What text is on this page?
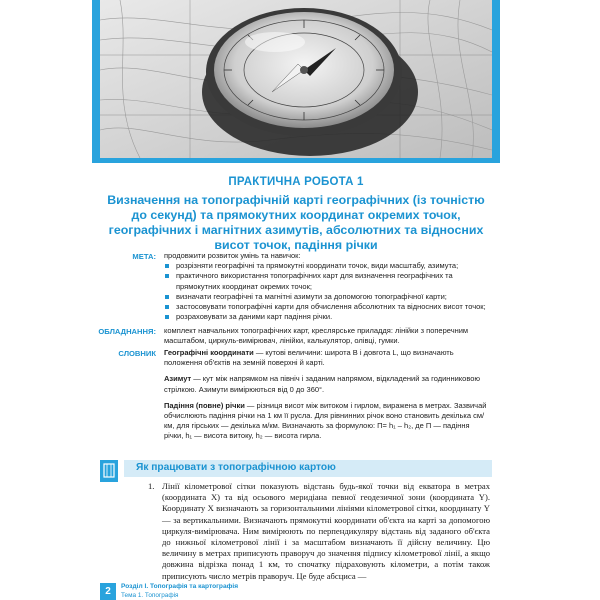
ПРАКТИЧНА РОБОТА 1
Визначення на топографічній карті географічних (із точністю до секунд) та прямокутних координат окремих точок, географічних і магнітних азимутів, абсолютних та відносних висот точок, падіння річки
МЕТА: продовжити розвиток умінь та навичок:
розрізняти географічні та прямокутні координати точок, види масштабу, азимута;
практичного використання топографічних карт для визначення географічних та прямокутних координат окремих точок;
визначати географічні та магнітні азимути за допомогою топографічної карти;
застосовувати топографічні карти для обчислення абсолютних та відносних висот точок;
розраховувати за даними карт падіння річки.
ОБЛАДНАННЯ: комплект навчальних топографічних карт, креслярське приладдя: лінійки з поперечним масштабом, циркуль-вимірювач, лінійки, калькулятор, олівці, гумки.
СЛОВНИК Географічні координати — кутові величини: широта B і довгота L, що визначають положення об'єктів на земній поверхні й карті.

Азимут — кут між напрямком на північ і заданим напрямом, відкладений за годинниковою стрілкою. Азимути вимірюються від 0 до 360°.

Падіння (повне) річки — різниця висот між витоком і гирлом, виражена в метрах. Зазвичай обчислюють падіння річки на 1 км її русла. Для рівнинних річок воно становить декілька см/км, для гірських — декілька м/км. Визначають за формулою: П= h₁ – h₂, де П — падіння річки, h₁ — висота витоку, h₂ — висота гирла.

Як працювати з топографічною картою
1. Лінії кілометрової сітки показують відстань будь-якої точки від екватора в метрах (координата X) та від осьового меридіана певної геодезичної зони (координата Y). Координату X визначають за горизонтальними лініями кілометрової сітки, координату Y — за вертикальними. Визначають прямокутні координати об'єкта на карті за допомогою циркуля-вимірювача. Ним вимірюють по перпендикуляру відстань від заданого об'єкта до нижньої кілометрової лінії і за масштабом визначають її дійсну величину. Цю величину в метрах приписують праворуч до значення підпису кілометрової лінії, а якщо довжина відрізка понад 1 км, то спочатку підраховують кілометри, а потім також приписують число метрів праворуч. Це буде абсциса —
2	Розділ I. Топографія та картографія
Тема 1. Топографія
